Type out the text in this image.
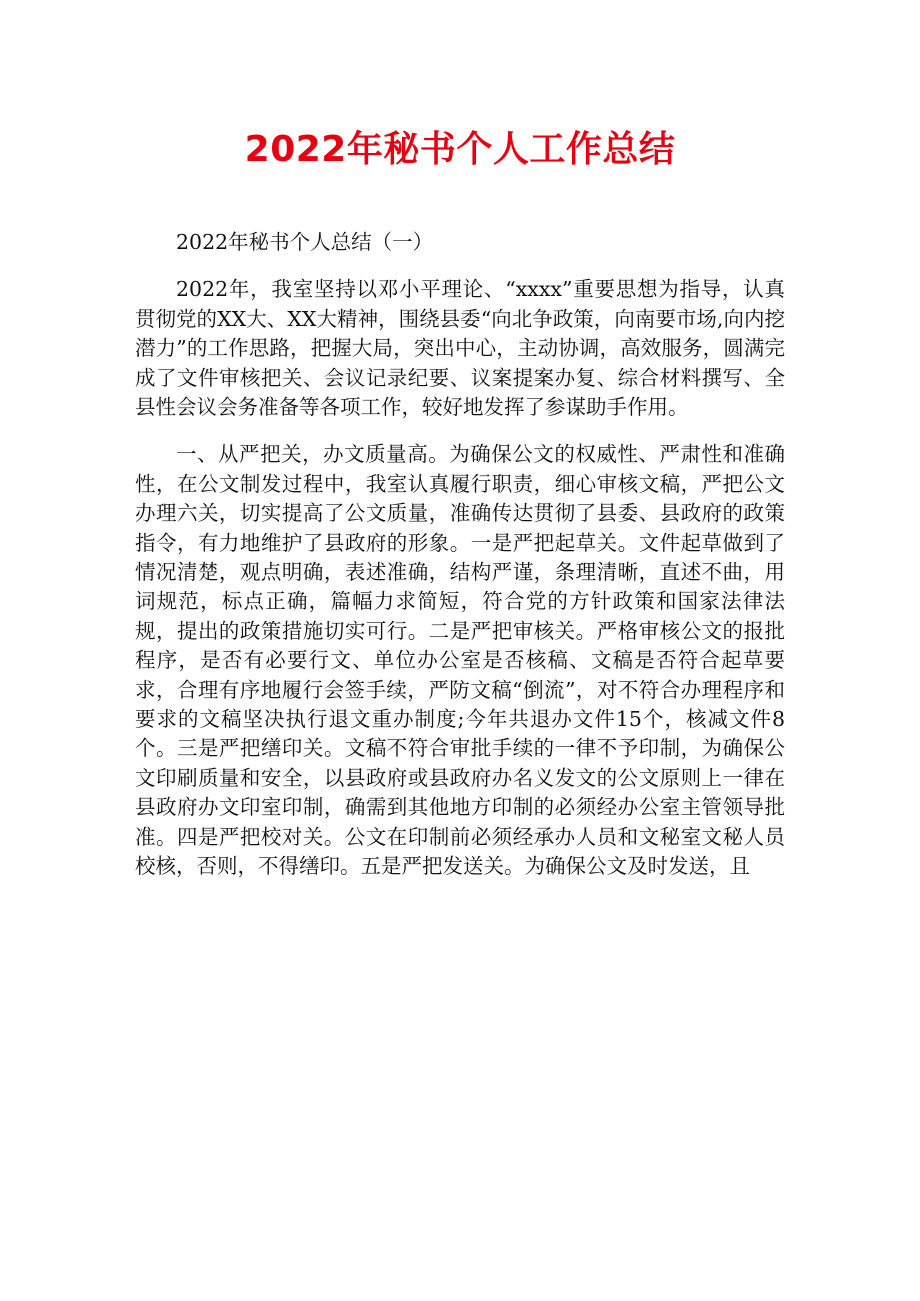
2022年秘书个人工作总结

2022年秘书个人总结（一）

2022年，我室坚持以邓小平理论、“xxxx”重要思想为指导，认真贯彻党的XX大、XX大精神，围绕县委“向北争政策，向南要市场,向内挖潜力”的工作思路，把握大局，突出中心，主动协调，高效服务，圆满完成了文件审核把关、会议记录纪要、议案提案办复、综合材料撰写、全县性会议会务准备等各项工作，较好地发挥了参谋助手作用。

一、从严把关，办文质量高。为确保公文的权威性、严肃性和准确性，在公文制发过程中，我室认真履行职责，细心审核文稿，严把公文办理六关，切实提高了公文质量，准确传达贯彻了县委、县政府的政策指令，有力地维护了县政府的形象。一是严把起草关。文件起草做到了情况清楚，观点明确，表述准确，结构严谨，条理清晰，直述不曲，用词规范，标点正确，篇幅力求简短，符合党的方针政策和国家法律法规，提出的政策措施切实可行。二是严把审核关。严格审核公文的报批程序，是否有必要行文、单位办公室是否核稿、文稿是否符合起草要求，合理有序地履行会签手续，严防文稿“倒流”，对不符合办理程序和要求的文稿坚决执行退文重办制度;今年共退办文件15个，核减文件8个。三是严把缮印关。文稿不符合审批手续的一律不予印制，为确保公文印刷质量和安全，以县政府或县政府办名义发文的公文原则上一律在县政府办文印室印制，确需到其他地方印制的必须经办公室主管领导批准。四是严把校对关。公文在印制前必须经承办人员和文秘室文秘人员校核，否则，不得缮印。五是严把发送关。为确保公文及时发送，且
